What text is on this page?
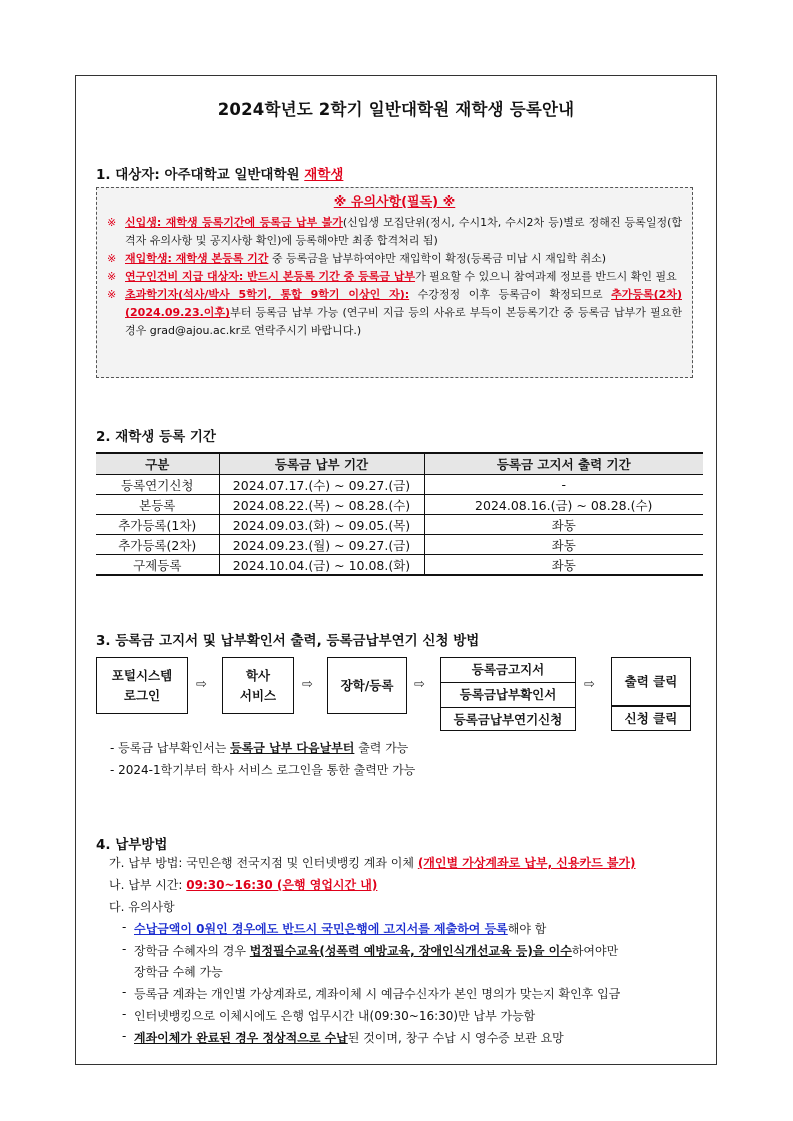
2024학년도 2학기 일반대학원 재학생 등록안내
1. 대상자: 아주대학교 일반대학원 재학생
※ 유의사항(필독) ※
※ 신입생: 재학생 등록기간에 등록금 납부 불가(신입생 모집단위(정시, 수시1차, 수시2차 등)별로 정해진 등록일정(합격자 유의사항 및 공지사항 확인)에 등록해야만 최종 합격처리 됨)
※ 재입학생: 재학생 본등록 기간 중 등록금을 납부하여야만 재입학이 확정(등록금 미납 시 재입학 취소)
※ 연구인건비 지급 대상자: 반드시 본등록 기간 중 등록금 납부가 필요할 수 있으니 참여과제 정보를 반드시 확인 필요
※ 초과학기자(석사/박사 5학기, 통합 9학기 이상인 자): 수강정정 이후 등록금이 확정되므로 추가등록(2차)(2024.09.23.이후)부터 등록금 납부 가능 (연구비 지급 등의 사유로 부득이 본등록기간 중 등록금 납부가 필요한 경우 grad@ajou.ac.kr로 연락주시기 바랍니다.)
2. 재학생 등록 기간
구분	등록금 납부 기간	등록금 고지서 출력 기간
등록연기신청	2024.07.17.(수) ~ 09.27.(금)	-
본등록	2024.08.22.(목) ~ 08.28.(수)	2024.08.16.(금) ~ 08.28.(수)
추가등록(1차)	2024.09.03.(화) ~ 09.05.(목)	좌동
추가등록(2차)	2024.09.23.(월) ~ 09.27.(금)	좌동
구제등록	2024.10.04.(금) ~ 10.08.(화)	좌동
3. 등록금 고지서 및 납부확인서 출력, 등록금납부연기 신청 방법
포털시스템
로그인
⇨
학사
서비스
⇨	장학/등록	⇨
등록금고지서
등록금납부확인서
등록금납부연기신청
⇨	출력 클릭
신청 클릭
- 등록금 납부확인서는 등록금 납부 다음날부터 출력 가능
- 2024-1학기부터 학사 서비스 로그인을 통한 출력만 가능
4. 납부방법
가. 납부 방법: 국민은행 전국지점 및 인터넷뱅킹 계좌 이체 (개인별 가상계좌로 납부, 신용카드 불가)
나. 납부 시간: 09:30~16:30 (은행 영업시간 내)
다. 유의사항
- 수납금액이 0원인 경우에도 반드시 국민은행에 고지서를 제출하여 등록해야 함
- 장학금 수혜자의 경우 법정필수교육(성폭력 예방교육, 장애인식개선교육 등)을 이수하여야만
장학금 수혜 가능
- 등록금 계좌는 개인별 가상계좌로, 계좌이체 시 예금수신자가 본인 명의가 맞는지 확인후 입금
- 인터넷뱅킹으로 이체시에도 은행 업무시간 내(09:30~16:30)만 납부 가능함
- 계좌이체가 완료된 경우 정상적으로 수납된 것이며, 창구 수납 시 영수증 보관 요망
